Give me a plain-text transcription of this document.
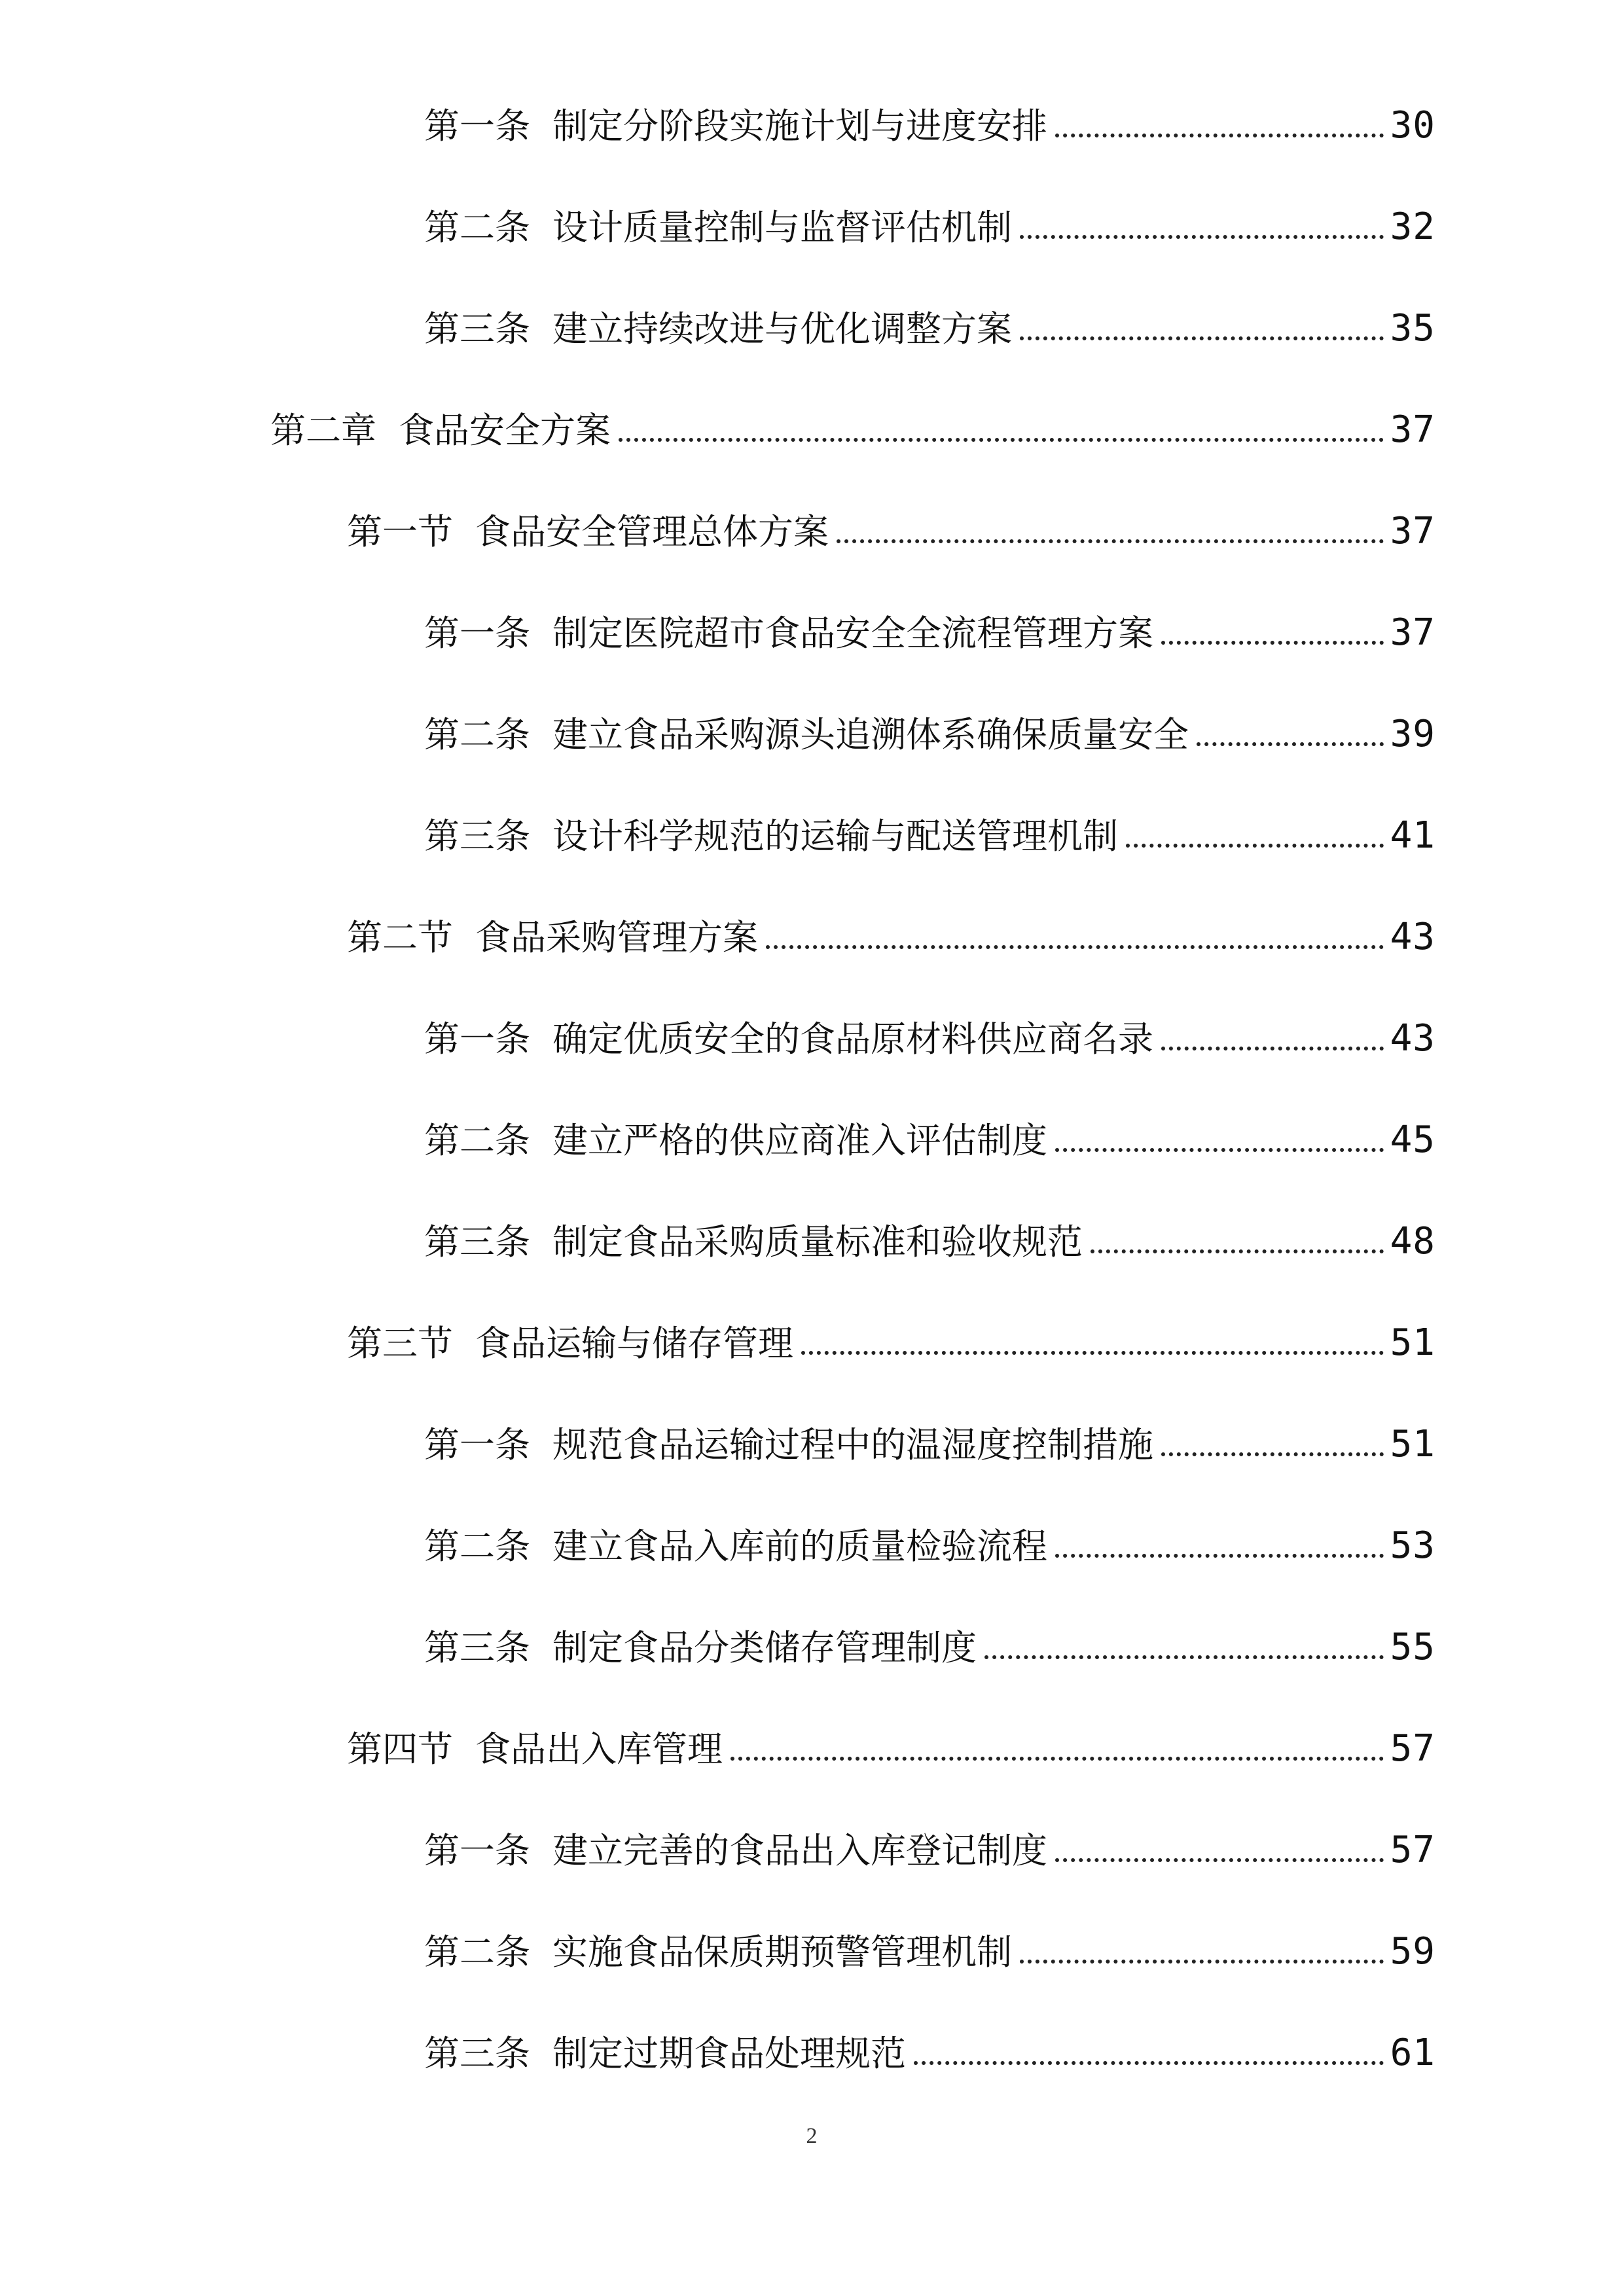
第一条 制定分阶段实施计划与进度安排	30
第二条 设计质量控制与监督评估机制	32
第三条 建立持续改进与优化调整方案	35
第二章 食品安全方案	37
第一节 食品安全管理总体方案	37
第一条 制定医院超市食品安全全流程管理方案	37
第二条 建立食品采购源头追溯体系确保质量安全	39
第三条 设计科学规范的运输与配送管理机制	41
第二节 食品采购管理方案	43
第一条 确定优质安全的食品原材料供应商名录	43
第二条 建立严格的供应商准入评估制度	45
第三条 制定食品采购质量标准和验收规范	48
第三节 食品运输与储存管理	51
第一条 规范食品运输过程中的温湿度控制措施	51
第二条 建立食品入库前的质量检验流程	53
第三条 制定食品分类储存管理制度	55
第四节 食品出入库管理	57
第一条 建立完善的食品出入库登记制度	57
第二条 实施食品保质期预警管理机制	59
第三条 制定过期食品处理规范	61
2
